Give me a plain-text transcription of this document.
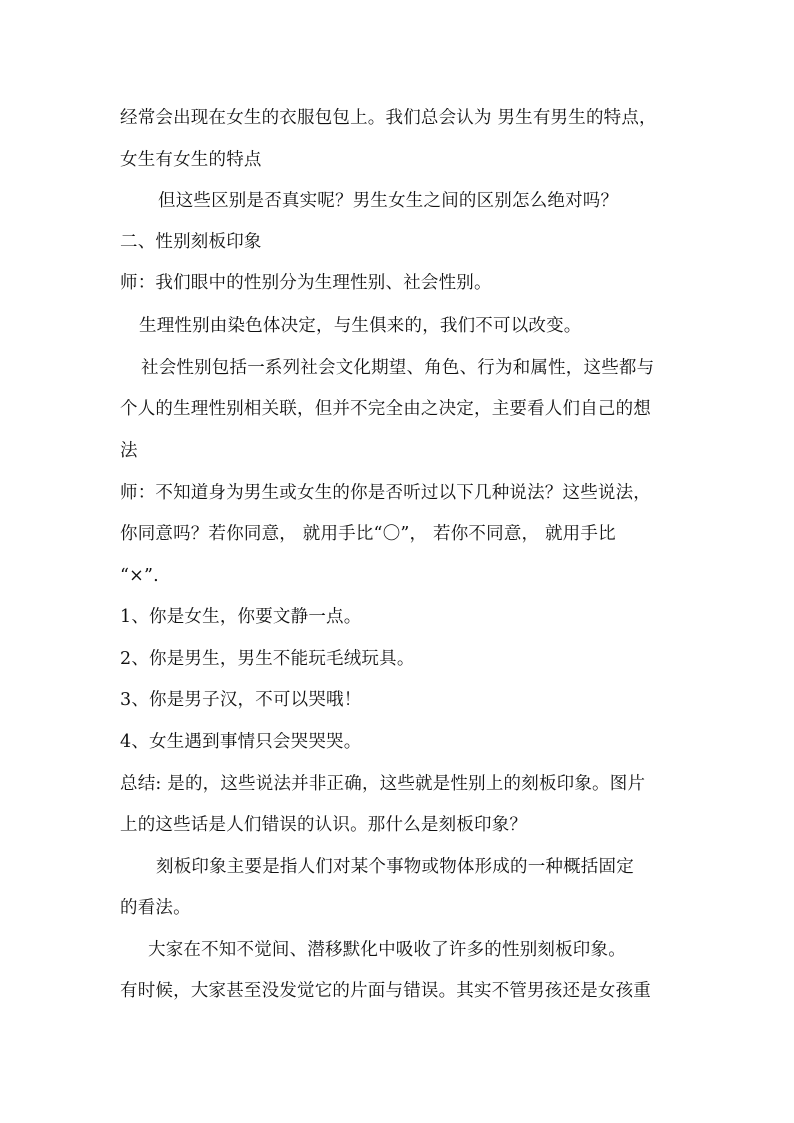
经常会出现在女生的衣服包包上。我们总会认为 男生有男生的特点，
女生有女生的特点
但这些区别是否真实呢？男生女生之间的区别怎么绝对吗？
二、性别刻板印象
师：我们眼中的性别分为生理性别、社会性别。
生理性别由染色体决定，与生俱来的，我们不可以改变。
社会性别包括一系列社会文化期望、角色、行为和属性，这些都与
个人的生理性别相关联，但并不完全由之决定，主要看人们自己的想
法
师：不知道身为男生或女生的你是否听过以下几种说法？这些说法，
你同意吗？若你同意， 就用手比“〇”， 若你不同意， 就用手比
“×”.
1、你是女生，你要文静一点。
2、你是男生，男生不能玩毛绒玩具。
3、你是男子汉，不可以哭哦！
4、女生遇到事情只会哭哭哭。
总结: 是的，这些说法并非正确，这些就是性别上的刻板印象。图片
上的这些话是人们错误的认识。那什么是刻板印象？
刻板印象主要是指人们对某个事物或物体形成的一种概括固定
的看法。
大家在不知不觉间、潜移默化中吸收了许多的性别刻板印象。
有时候，大家甚至没发觉它的片面与错误。其实不管男孩还是女孩重
